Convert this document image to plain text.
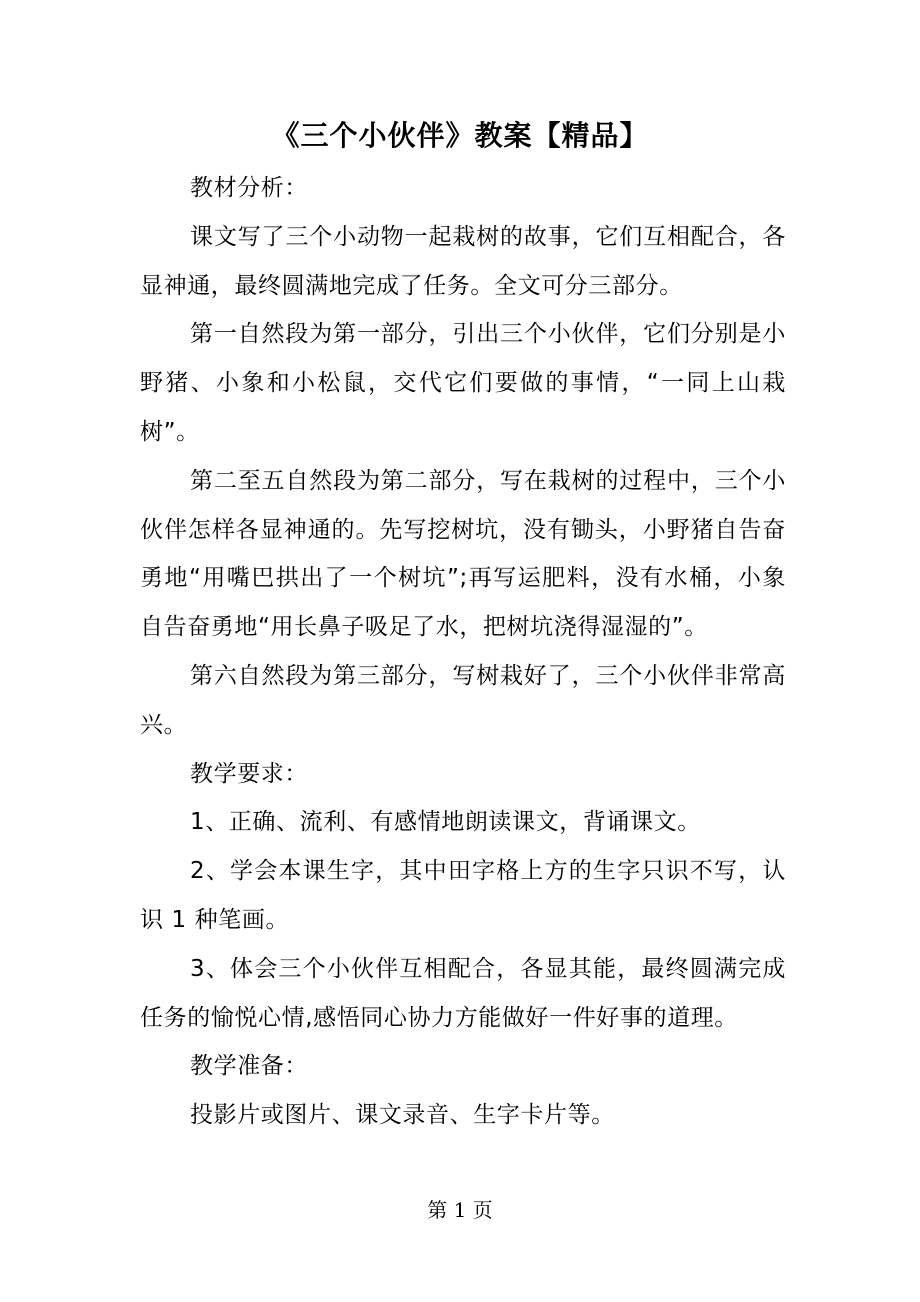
《三个小伙伴》教案【精品】

教材分析：

课文写了三个小动物一起栽树的故事，它们互相配合，各显神通，最终圆满地完成了任务。全文可分三部分。

第一自然段为第一部分，引出三个小伙伴，它们分别是小野猪、小象和小松鼠，交代它们要做的事情，“一同上山栽树”。

第二至五自然段为第二部分，写在栽树的过程中，三个小伙伴怎样各显神通的。先写挖树坑，没有锄头，小野猪自告奋勇地“用嘴巴拱出了一个树坑”;再写运肥料，没有水桶，小象自告奋勇地“用长鼻子吸足了水，把树坑浇得湿湿的”。

第六自然段为第三部分，写树栽好了，三个小伙伴非常高兴。

教学要求：

1、正确、流利、有感情地朗读课文，背诵课文。

2、学会本课生字，其中田字格上方的生字只识不写，认识 1 种笔画。

3、体会三个小伙伴互相配合，各显其能，最终圆满完成任务的愉悦心情,感悟同心协力方能做好一件好事的道理。

教学准备：

投影片或图片、课文录音、生字卡片等。

第 1 页
